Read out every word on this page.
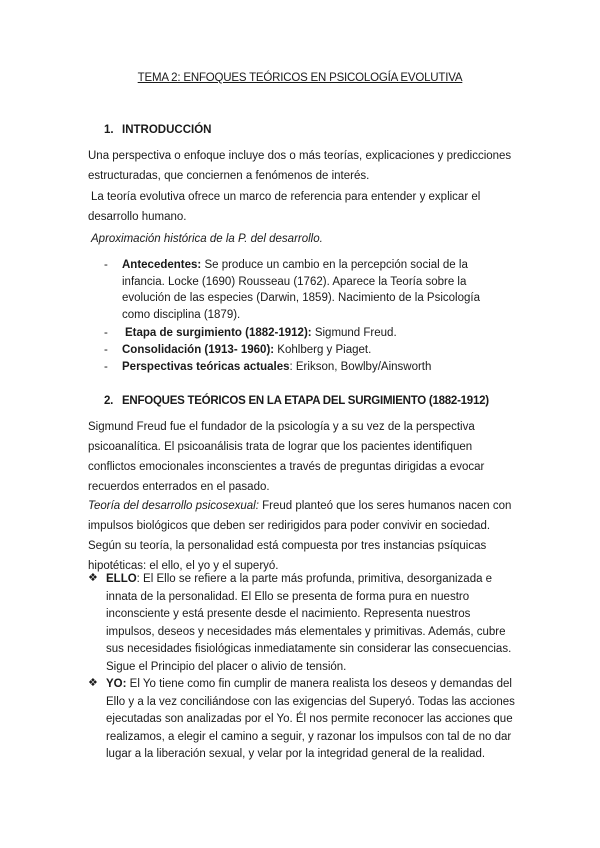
TEMA 2: ENFOQUES TEÓRICOS EN PSICOLOGÍA EVOLUTIVA
1. INTRODUCCIÓN
Una perspectiva o enfoque incluye dos o más teorías, explicaciones y predicciones estructuradas, que conciernen a fenómenos de interés.
La teoría evolutiva ofrece un marco de referencia para entender y explicar el desarrollo humano.
Aproximación histórica de la P. del desarrollo.
- Antecedentes: Se produce un cambio en la percepción social de la infancia. Locke (1690) Rousseau (1762). Aparece la Teoría sobre la evolución de las especies (Darwin, 1859). Nacimiento de la Psicología como disciplina (1879).
- Etapa de surgimiento (1882-1912): Sigmund Freud.
- Consolidación (1913- 1960): Kohlberg y Piaget.
- Perspectivas teóricas actuales: Erikson, Bowlby/Ainsworth
2. ENFOQUES TEÓRICOS EN LA ETAPA DEL SURGIMIENTO (1882-1912)
Sigmund Freud fue el fundador de la psicología y a su vez de la perspectiva psicoanalítica. El psicoanálisis trata de lograr que los pacientes identifiquen conflictos emocionales inconscientes a través de preguntas dirigidas a evocar recuerdos enterrados en el pasado.
Teoría del desarrollo psicosexual: Freud planteó que los seres humanos nacen con impulsos biológicos que deben ser redirigidos para poder convivir en sociedad. Según su teoría, la personalidad está compuesta por tres instancias psíquicas hipotéticas: el ello, el yo y el superyó.
❖ ELLO: El Ello se refiere a la parte más profunda, primitiva, desorganizada e innata de la personalidad. El Ello se presenta de forma pura en nuestro inconsciente y está presente desde el nacimiento. Representa nuestros impulsos, deseos y necesidades más elementales y primitivas. Además, cubre sus necesidades fisiológicas inmediatamente sin considerar las consecuencias. Sigue el Principio del placer o alivio de tensión.
❖ YO: El Yo tiene como fin cumplir de manera realista los deseos y demandas del Ello y a la vez conciliándose con las exigencias del Superyó. Todas las acciones ejecutadas son analizadas por el Yo. Él nos permite reconocer las acciones que realizamos, a elegir el camino a seguir, y razonar los impulsos con tal de no dar lugar a la liberación sexual, y velar por la integridad general de la realidad.
